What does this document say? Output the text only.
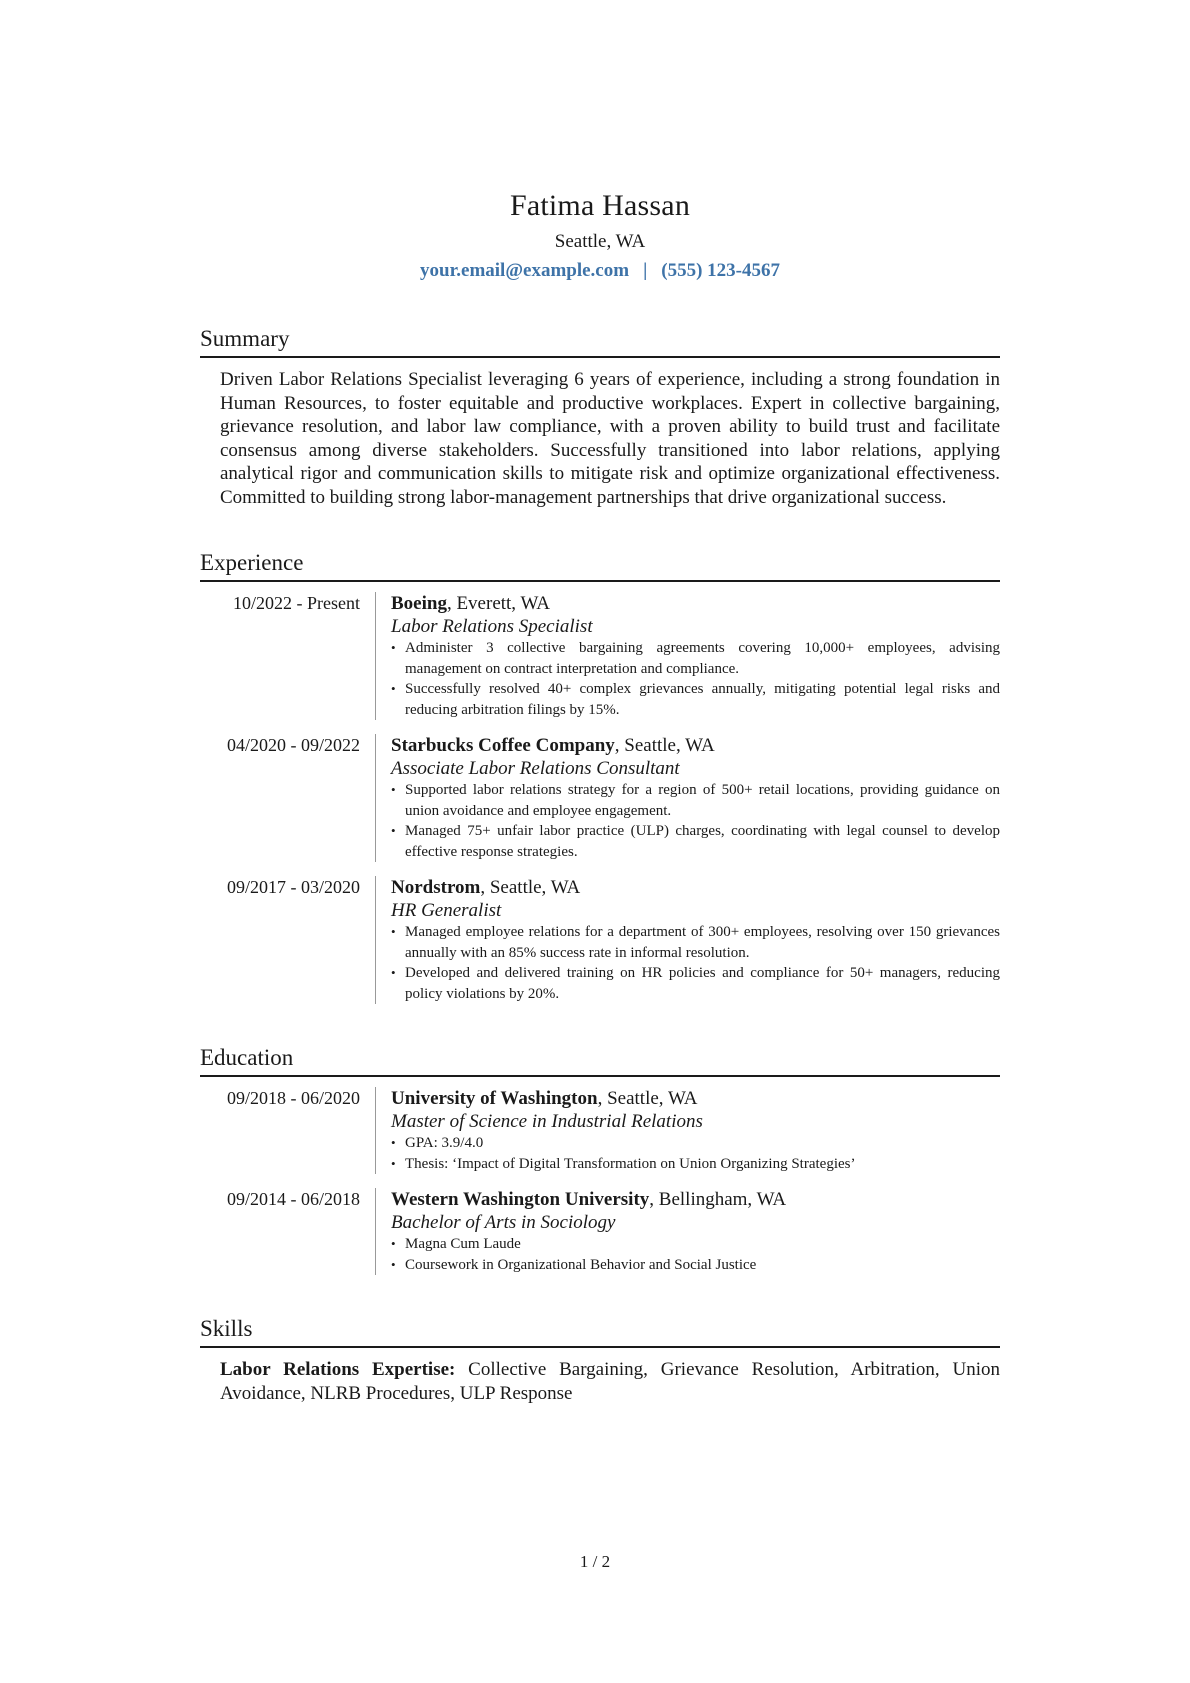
Fatima Hassan
Seattle, WA
your.email@example.com | (555) 123-4567
Summary

Driven Labor Relations Specialist leveraging 6 years of experience, including a strong foundation in Human Resources, to foster equitable and productive workplaces. Expert in collective bargaining, grievance resolution, and labor law compliance, with a proven ability to build trust and facilitate consensus among diverse stakeholders. Successfully transitioned into labor relations, applying analytical rigor and communication skills to mitigate risk and optimize organizational effectiveness. Committed to building strong labor-management partnerships that drive organizational success.

Experience
10/2022 - Present	Boeing, Everett, WA
Labor Relations Specialist
• Administer 3 collective bargaining agreements covering 10,000+ employees, advising management on contract interpretation and compliance.
• Successfully resolved 40+ complex grievances annually, mitigating potential legal risks and reducing arbitration filings by 15%.
04/2020 - 09/2022	Starbucks Coffee Company, Seattle, WA
Associate Labor Relations Consultant
• Supported labor relations strategy for a region of 500+ retail locations, providing guidance on union avoidance and employee engagement.
• Managed 75+ unfair labor practice (ULP) charges, coordinating with legal counsel to develop effective response strategies.
09/2017 - 03/2020	Nordstrom, Seattle, WA
HR Generalist
• Managed employee relations for a department of 300+ employees, resolving over 150 grievances annually with an 85% success rate in informal resolution.
• Developed and delivered training on HR policies and compliance for 50+ managers, reducing policy violations by 20%.
Education
09/2018 - 06/2020	University of Washington, Seattle, WA
Master of Science in Industrial Relations
• GPA: 3.9/4.0
• Thesis: ‘Impact of Digital Transformation on Union Organizing Strategies’
09/2014 - 06/2018	Western Washington University, Bellingham, WA
Bachelor of Arts in Sociology
• Magna Cum Laude
• Coursework in Organizational Behavior and Social Justice
Skills

Labor Relations Expertise: Collective Bargaining, Grievance Resolution, Arbitration, Union Avoidance, NLRB Procedures, ULP Response

1 / 2
